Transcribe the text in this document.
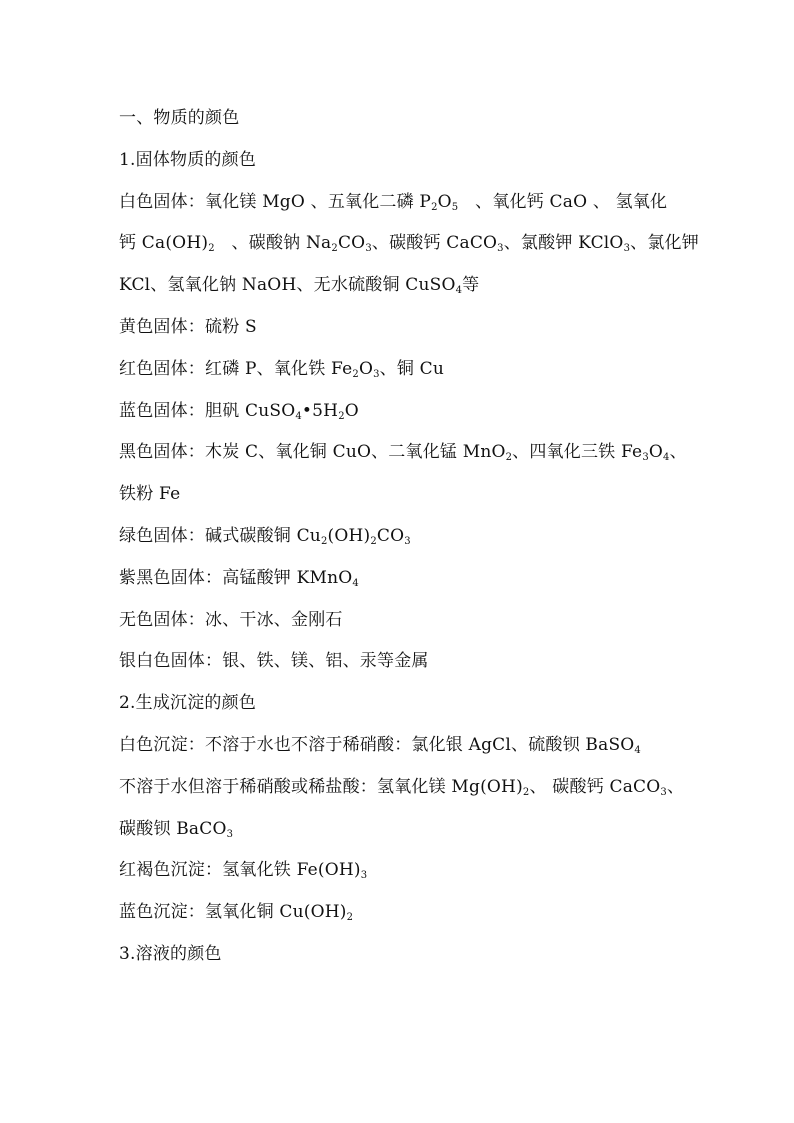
一、物质的颜色
1.固体物质的颜色
白色固体：氧化镁 MgO 、五氧化二磷 $P_2O_5$   、氧化钙 CaO 、 氢氧化
钙 $Ca(OH)_2$   、碳酸钠 $Na_2CO_3$、碳酸钙 CaCO$_3$、氯酸钾 KClO$_3$、氯化钾
KCl、氢氧化钠 NaOH、无水硫酸铜 CuSO$_4$等
黄色固体：硫粉 S
红色固体：红磷 P、氧化铁 $Fe_2O_3$、铜 Cu
蓝色固体：胆矾 $CuSO_4•5H_2O$
黑色固体：木炭 C、氧化铜 CuO、二氧化锰 MnO$_2$、四氧化三铁 $Fe_3O_4$、
铁粉 Fe
绿色固体：碱式碳酸铜 $Cu_2(OH)_2CO_3$
紫黑色固体：高锰酸钾 KMnO$_4$
无色固体：冰、干冰、金刚石
银白色固体：银、铁、镁、铝、汞等金属
2.生成沉淀的颜色
白色沉淀：不溶于水也不溶于稀硝酸：氯化银 AgCl、硫酸钡 BaSO$_4$
不溶于水但溶于稀硝酸或稀盐酸：氢氧化镁 $Mg(OH)_2$、 碳酸钙 CaCO$_3$、
碳酸钡 BaCO$_3$
红褐色沉淀：氢氧化铁 $Fe(OH)_3$
蓝色沉淀：氢氧化铜 $Cu(OH)_2$
3.溶液的颜色
